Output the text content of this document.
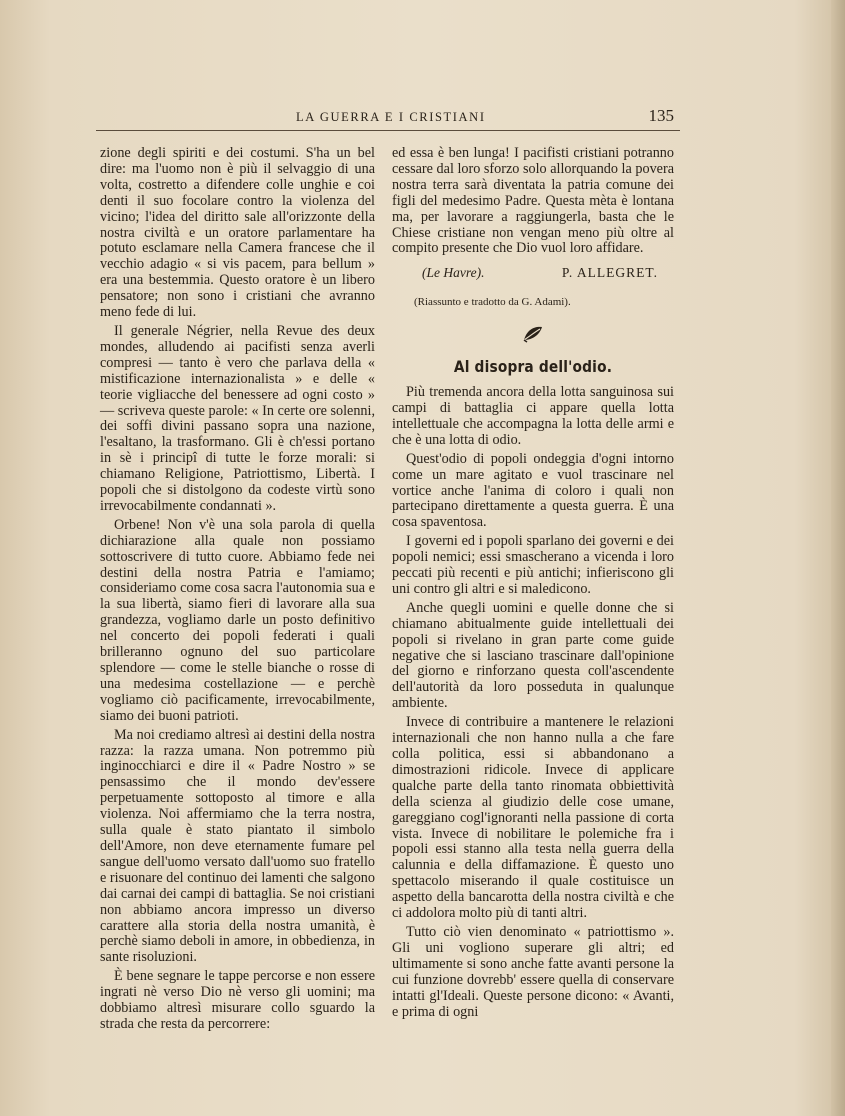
LA GUERRA E I CRISTIANI	135

zione degli spiriti e dei costumi. S'ha un bel dire: ma l'uomo non è più il selvaggio di una volta, costretto a difendere colle unghie e coi denti il suo focolare contro la violenza del vicino; l'idea del diritto sale all'orizzonte della nostra civiltà e un oratore parlamentare ha potuto esclamare nella Camera francese che il vecchio adagio « si vis pacem, para bellum » era una bestemmia. Questo oratore è un libero pensatore; non sono i cristiani che avranno meno fede di lui.

Il generale Négrier, nella Revue des deux mondes, alludendo ai pacifisti senza averli compresi — tanto è vero che parlava della « mistificazione internazionalista » e delle « teorie vigliacche del benessere ad ogni costo » — scriveva queste parole: « In certe ore solenni, dei soffi divini passano sopra una nazione, l'esaltano, la trasformano. Gli è ch'essi portano in sè i principî di tutte le forze morali: si chiamano Religione, Patriottismo, Libertà. I popoli che si distolgono da codeste virtù sono irrevocabilmente condannati ».

Orbene! Non v'è una sola parola di quella dichiarazione alla quale non possiamo sottoscrivere di tutto cuore. Abbiamo fede nei destini della nostra Patria e l'amiamo; consideriamo come cosa sacra l'autonomia sua e la sua libertà, siamo fieri di lavorare alla sua grandezza, vogliamo darle un posto definitivo nel concerto dei popoli federati i quali brilleranno ognuno del suo particolare splendore — come le stelle bianche o rosse di una medesima costellazione — e perchè vogliamo ciò pacificamente, irrevocabilmente, siamo dei buoni patrioti.

Ma noi crediamo altresì ai destini della nostra razza: la razza umana. Non potremmo più inginocchiarci e dire il « Padre Nostro » se pensassimo che il mondo dev'essere perpetuamente sottoposto al timore e alla violenza. Noi affermiamo che la terra nostra, sulla quale è stato piantato il simbolo dell'Amore, non deve eternamente fumare pel sangue dell'uomo versato dall'uomo suo fratello e risuonare del continuo dei lamenti che salgono dai carnai dei campi di battaglia. Se noi cristiani non abbiamo ancora impresso un diverso carattere alla storia della nostra umanità, è perchè siamo deboli in amore, in obbedienza, in sante risoluzioni.

È bene segnare le tappe percorse e non essere ingrati nè verso Dio nè verso gli uomini; ma dobbiamo altresì misurare collo sguardo la strada che resta da percorrere:

ed essa è ben lunga! I pacifisti cristiani potranno cessare dal loro sforzo solo allorquando la povera nostra terra sarà diventata la patria comune dei figli del medesimo Padre. Questa mèta è lontana ma, per lavorare a raggiungerla, basta che le Chiese cristiane non vengan meno più oltre al compito presente che Dio vuol loro affidare.

(Le Havre).	P. ALLEGRET.
(Riassunto e tradotto da G. Adami).
Al disopra dell'odio.

Più tremenda ancora della lotta sanguinosa sui campi di battaglia ci appare quella lotta intellettuale che accompagna la lotta delle armi e che è una lotta di odio.

Quest'odio di popoli ondeggia d'ogni intorno come un mare agitato e vuol trascinare nel vortice anche l'anima di coloro i quali non partecipano direttamente a questa guerra. È una cosa spaventosa.

I governi ed i popoli sparlano dei governi e dei popoli nemici; essi smascherano a vicenda i loro peccati più recenti e più antichi; infieriscono gli uni contro gli altri e si maledicono.

Anche quegli uomini e quelle donne che si chiamano abitualmente guide intellettuali dei popoli si rivelano in gran parte come guide negative che si lasciano trascinare dall'opinione del giorno e rinforzano questa coll'ascendente dell'autorità da loro posseduta in qualunque ambiente.

Invece di contribuire a mantenere le relazioni internazionali che non hanno nulla a che fare colla politica, essi si abbandonano a dimostrazioni ridicole. Invece di applicare qualche parte della tanto rinomata obbiettività della scienza al giudizio delle cose umane, gareggiano cogl'ignoranti nella passione di corta vista. Invece di nobilitare le polemiche fra i popoli essi stanno alla testa nella guerra della calunnia e della diffamazione. È questo uno spettacolo miserando il quale costituisce un aspetto della bancarotta della nostra civiltà e che ci addolora molto più di tanti altri.

Tutto ciò vien denominato « patriottismo ». Gli uni vogliono superare gli altri; ed ultimamente si sono anche fatte avanti persone la cui funzione dovrebb' essere quella di conservare intatti gl'Ideali. Queste persone dicono: « Avanti, e prima di ogni
